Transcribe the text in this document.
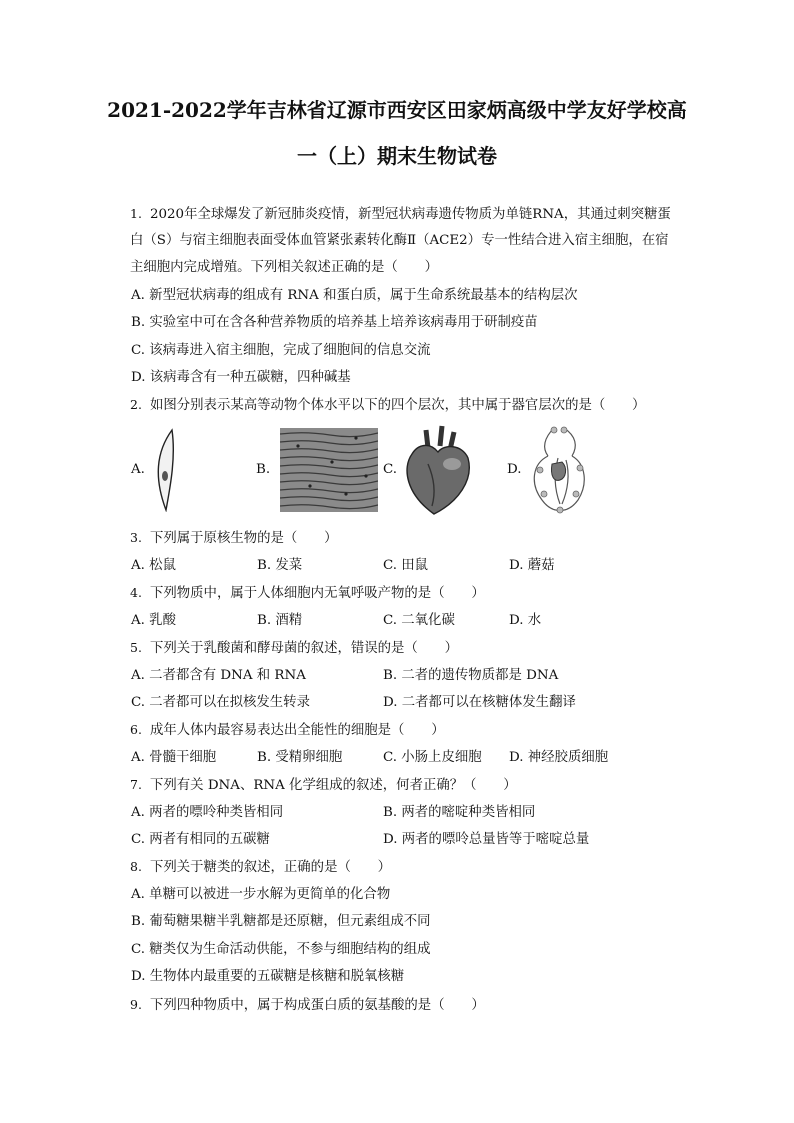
2021-2022学年吉林省辽源市西安区田家炳高级中学友好学校高
一（上）期末生物试卷
1. 2020年全球爆发了新冠肺炎疫情，新型冠状病毒遗传物质为单链RNA，其通过刺突糖蛋
白（S）与宿主细胞表面受体血管紧张素转化酶Ⅱ（ACE2）专一性结合进入宿主细胞，在宿
主细胞内完成增殖。下列相关叙述正确的是（　　）
A. 新型冠状病毒的组成有 RNA 和蛋白质，属于生命系统最基本的结构层次
B. 实验室中可在含各种营养物质的培养基上培养该病毒用于研制疫苗
C. 该病毒进入宿主细胞，完成了细胞间的信息交流
D. 该病毒含有一种五碳糖，四种碱基
2. 如图分别表示某高等动物个体水平以下的四个层次，其中属于器官层次的是（　　）
A.	B.	C.	D.
3. 下列属于原核生物的是（　　）
A. 松鼠	B. 发菜	C. 田鼠	D. 蘑菇
4. 下列物质中，属于人体细胞内无氧呼吸产物的是（　　）
A. 乳酸	B. 酒精	C. 二氧化碳	D. 水
5. 下列关于乳酸菌和酵母菌的叙述，错误的是（　　）
A. 二者都含有 DNA 和 RNA	B. 二者的遗传物质都是 DNA
C. 二者都可以在拟核发生转录	D. 二者都可以在核糖体发生翻译
6. 成年人体内最容易表达出全能性的细胞是（　　）
A. 骨髓干细胞	B. 受精卵细胞	C. 小肠上皮细胞 D. 神经胶质细胞
7. 下列有关 DNA、RNA 化学组成的叙述，何者正确？（　　）
A. 两者的嘌呤种类皆相同	B. 两者的嘧啶种类皆相同
C. 两者有相同的五碳糖	D. 两者的嘌呤总量皆等于嘧啶总量
8. 下列关于糖类的叙述，正确的是（　　）
A. 单糖可以被进一步水解为更简单的化合物
B. 葡萄糖果糖半乳糖都是还原糖，但元素组成不同
C. 糖类仅为生命活动供能，不参与细胞结构的组成
D. 生物体内最重要的五碳糖是核糖和脱氧核糖
9. 下列四种物质中，属于构成蛋白质的氨基酸的是（　　）
